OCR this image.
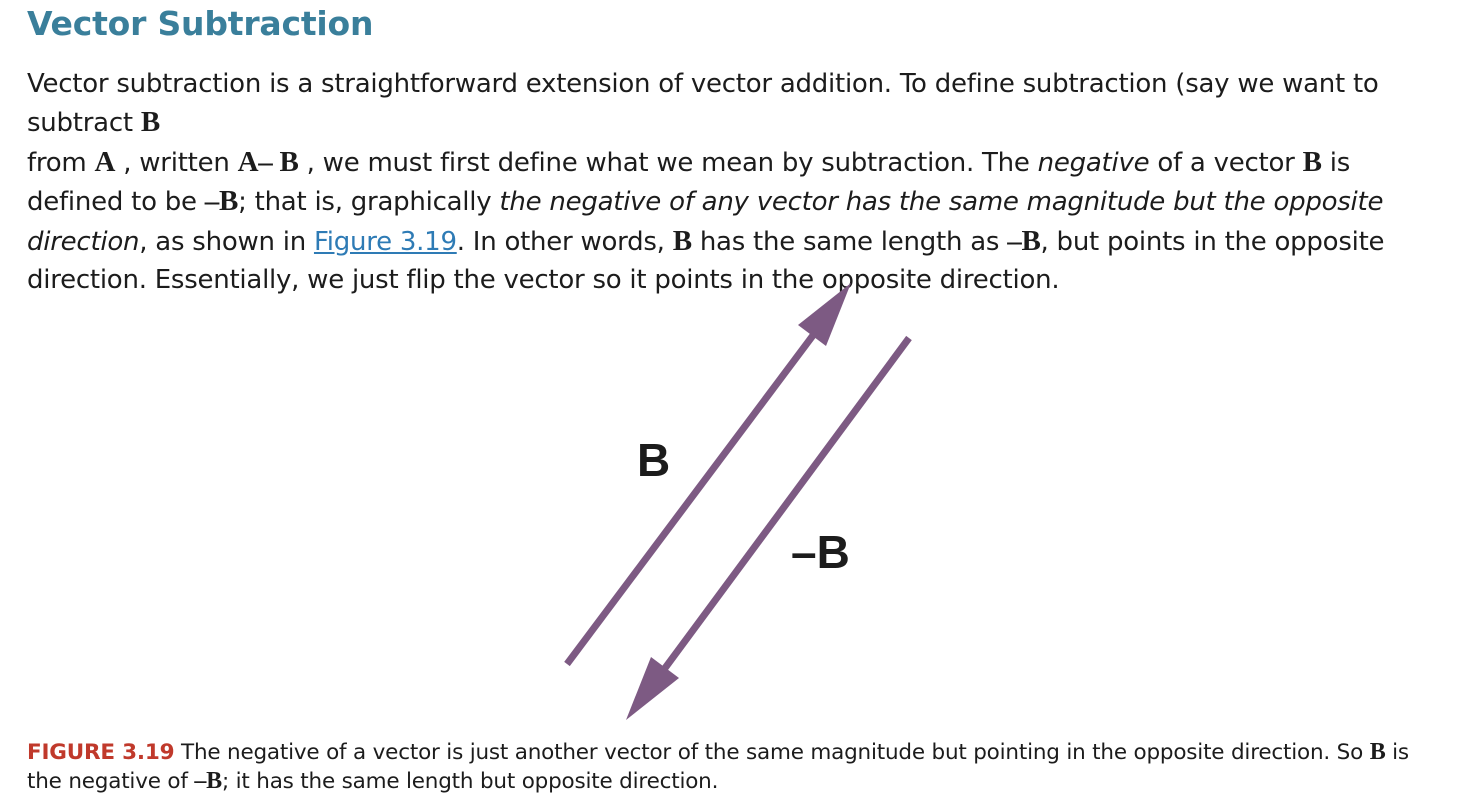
Vector Subtraction

Vector subtraction is a straightforward extension of vector addition. To define subtraction (say we want to subtract B
from A , written A– B , we must first define what we mean by subtraction. The negative of a vector B is defined to be –B; that is, graphically the negative of any vector has the same magnitude but the opposite direction, as shown in Figure 3.19. In other words, B has the same length as –B, but points in the opposite direction. Essentially, we just flip the vector so it points in the opposite direction.

B
–B

FIGURE 3.19 The negative of a vector is just another vector of the same magnitude but pointing in the opposite direction. So B is the negative of –B; it has the same length but opposite direction.
